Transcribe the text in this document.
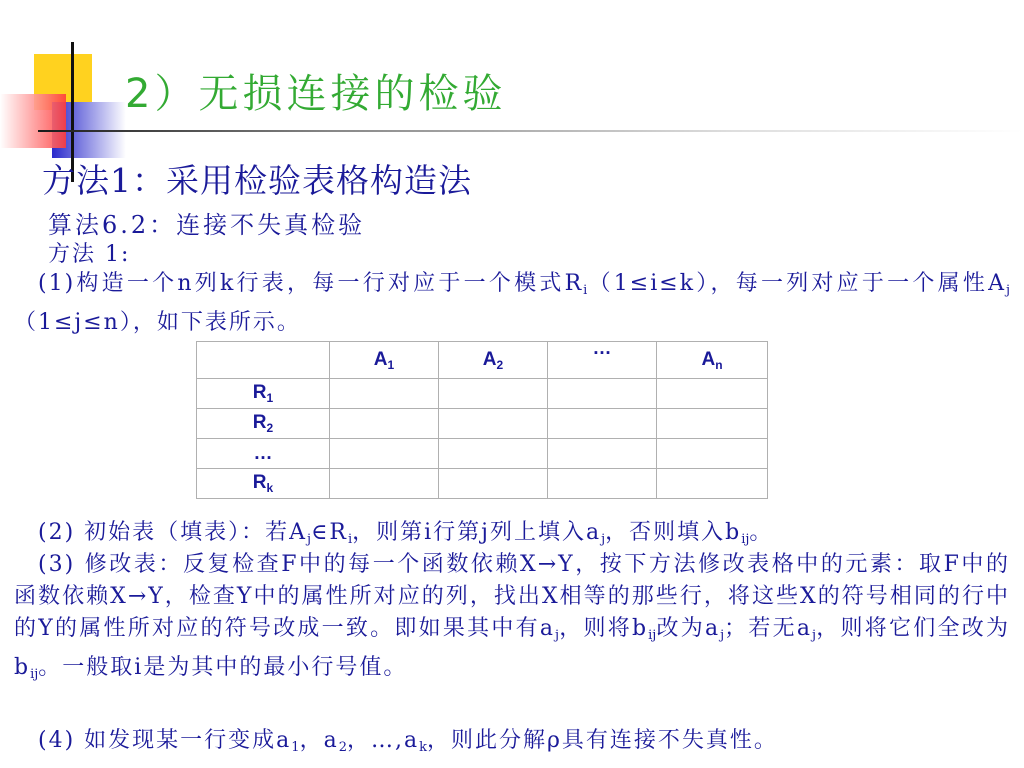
2）无损连接的检验
方法1：采用检验表格构造法
算法6.2：连接不失真检验
方法 1:
(1)构造一个n列k行表，每一行对应于一个模式$R_i(1\le i\le k)$，每一列对应于一个属性$A_j(1\le j\le n)$，如下表所示。
	$A_1$	$A_2$	…	$A_n$
$R_1$				
$R_2$				
…				
$R_k$				
(2) 初始表（填表）：若$A_j\in R_i$，则第i行第j列上填入$a_j$，否则填入$b_{ij}$。
(3) 修改表：反复检查F中的每一个函数依赖X→Y，按下方法修改表格中的元素：取F中的函数依赖X→Y，检查Y中的属性所对应的列，找出X相等的那些行，将这些X的符号相同的行中的Y的属性所对应的符号改成一致。即如果其中有$a_j$，则将$b_{ij}$改为$a_j$；若无$a_j$，则将它们全改为$b_{ij}$。一般取i是为其中的最小行号值。
(4) 如发现某一行变成$a_1$，$a_2$，$\dots,a_k$，则此分解ρ具有连接不失真性。
